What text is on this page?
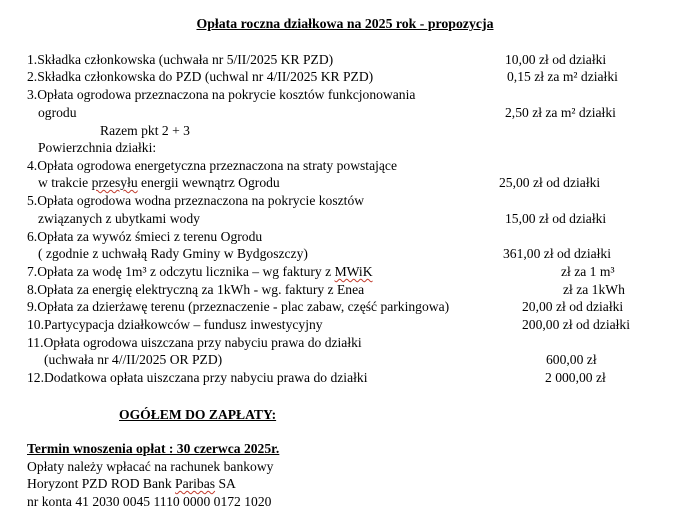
Opłata roczna działkowa na 2025 rok - propozycja
1.Składka członkowska (uchwała nr 5/II/2025 KR PZD)	10,00 zł od działki
2.Składka członkowska do PZD (uchwal nr 4/II/2025 KR PZD)	0,15 zł za m² działki
3.Opłata ogrodowa przeznaczona na pokrycie kosztów funkcjonowania
ogrodu	2,50 zł za m² działki
Razem pkt 2 + 3
Powierzchnia działki:
4.Opłata ogrodowa energetyczna przeznaczona na straty powstające
w trakcie przesyłu energii wewnątrz Ogrodu	25,00 zł od działki
5.Opłata ogrodowa wodna przeznaczona na pokrycie kosztów
związanych z ubytkami wody	15,00 zł od działki
6.Opłata za wywóz śmieci z terenu Ogrodu
( zgodnie z uchwałą Rady Gminy w Bydgoszczy)	361,00 zł od działki
7.Opłata za wodę 1m³ z odczytu licznika – wg faktury z MWiK	zł za 1 m³
8.Opłata za energię elektryczną za 1kWh - wg. faktury z Enea	zł za 1kWh
9.Opłata za dzierżawę terenu (przeznaczenie - plac zabaw, część parkingowa)	20,00 zł od działki
10.Partycypacja działkowców – fundusz inwestycyjny	200,00 zł od działki
11.Opłata ogrodowa uiszczana przy nabyciu prawa do działki
(uchwała nr 4//II/2025 OR PZD)	600,00 zł
12.Dodatkowa opłata uiszczana przy nabyciu prawa do działki	2 000,00 zł
OGÓŁEM DO ZAPŁATY:
Termin wnoszenia opłat : 30 czerwca 2025r.
Opłaty należy wpłacać na rachunek bankowy
Horyzont PZD ROD Bank Paribas SA
nr konta 41 2030 0045 1110 0000 0172 1020
